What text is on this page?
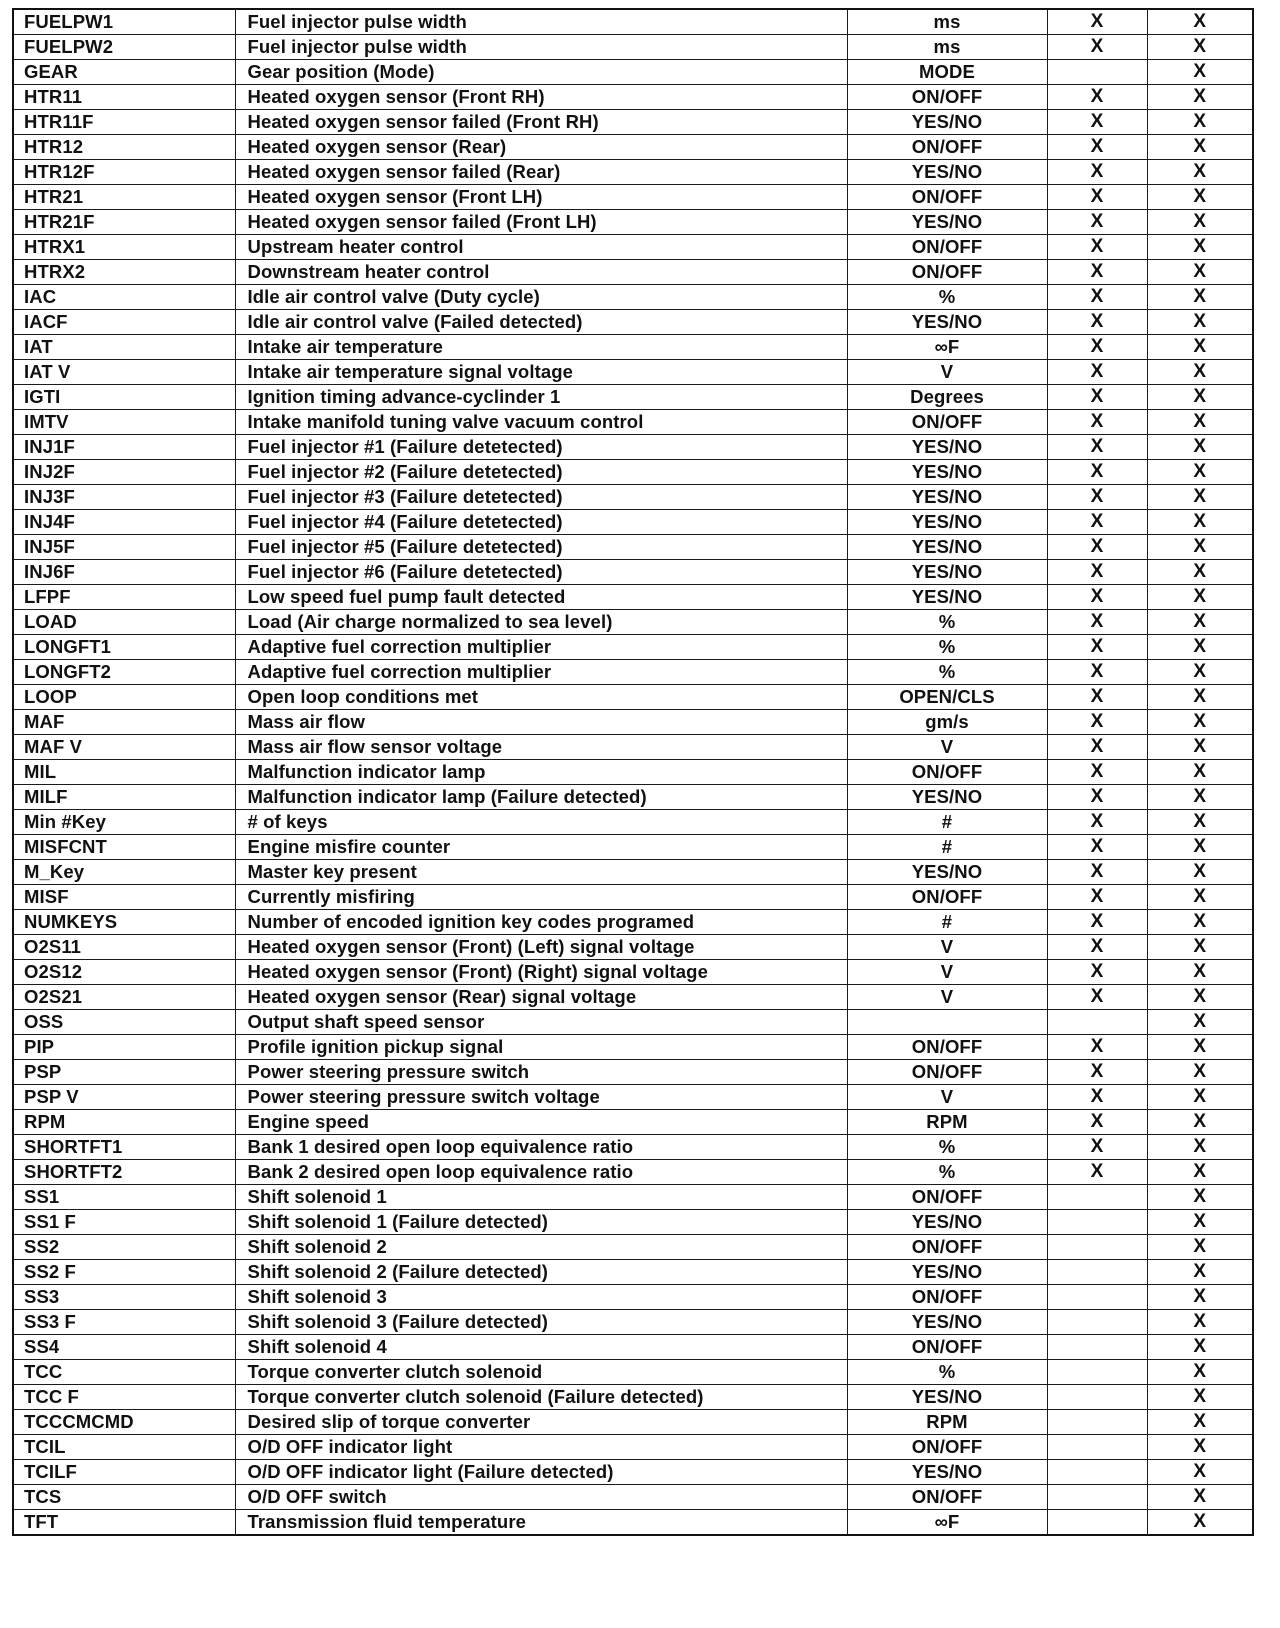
FUELPW1	Fuel injector pulse width	ms	X	X
FUELPW2	Fuel injector pulse width	ms	X	X
GEAR	Gear position (Mode)	MODE		X
HTR11	Heated oxygen sensor (Front RH)	ON/OFF	X	X
HTR11F	Heated oxygen sensor failed (Front RH)	YES/NO	X	X
HTR12	Heated oxygen sensor (Rear)	ON/OFF	X	X
HTR12F	Heated oxygen sensor failed (Rear)	YES/NO	X	X
HTR21	Heated oxygen sensor (Front LH)	ON/OFF	X	X
HTR21F	Heated oxygen sensor failed (Front LH)	YES/NO	X	X
HTRX1	Upstream heater control	ON/OFF	X	X
HTRX2	Downstream heater control	ON/OFF	X	X
IAC	Idle air control valve (Duty cycle)	%	X	X
IACF	Idle air control valve (Failed detected)	YES/NO	X	X
IAT	Intake air temperature	∞F	X	X
IAT V	Intake air temperature signal voltage	V	X	X
IGTI	Ignition timing advance-cyclinder 1	Degrees	X	X
IMTV	Intake manifold tuning valve vacuum control	ON/OFF	X	X
INJ1F	Fuel injector #1 (Failure detetected)	YES/NO	X	X
INJ2F	Fuel injector #2 (Failure detetected)	YES/NO	X	X
INJ3F	Fuel injector #3 (Failure detetected)	YES/NO	X	X
INJ4F	Fuel injector #4 (Failure detetected)	YES/NO	X	X
INJ5F	Fuel injector #5 (Failure detetected)	YES/NO	X	X
INJ6F	Fuel injector #6 (Failure detetected)	YES/NO	X	X
LFPF	Low speed fuel pump fault detected	YES/NO	X	X
LOAD	Load (Air charge normalized to sea level)	%	X	X
LONGFT1	Adaptive fuel correction multiplier	%	X	X
LONGFT2	Adaptive fuel correction multiplier	%	X	X
LOOP	Open loop conditions met	OPEN/CLS	X	X
MAF	Mass air flow	gm/s	X	X
MAF V	Mass air flow sensor voltage	V	X	X
MIL	Malfunction indicator lamp	ON/OFF	X	X
MILF	Malfunction indicator lamp (Failure detected)	YES/NO	X	X
Min #Key	# of keys	#	X	X
MISFCNT	Engine misfire counter	#	X	X
M_Key	Master key present	YES/NO	X	X
MISF	Currently misfiring	ON/OFF	X	X
NUMKEYS	Number of encoded ignition key codes programed	#	X	X
O2S11	Heated oxygen sensor (Front) (Left) signal voltage	V	X	X
O2S12	Heated oxygen sensor (Front) (Right) signal voltage	V	X	X
O2S21	Heated oxygen sensor (Rear) signal voltage	V	X	X
OSS	Output shaft speed sensor			X
PIP	Profile ignition pickup signal	ON/OFF	X	X
PSP	Power steering pressure switch	ON/OFF	X	X
PSP V	Power steering pressure switch voltage	V	X	X
RPM	Engine speed	RPM	X	X
SHORTFT1	Bank 1 desired open loop equivalence ratio	%	X	X
SHORTFT2	Bank 2 desired open loop equivalence ratio	%	X	X
SS1	Shift solenoid 1	ON/OFF		X
SS1 F	Shift solenoid 1 (Failure detected)	YES/NO		X
SS2	Shift solenoid 2	ON/OFF		X
SS2 F	Shift solenoid 2 (Failure detected)	YES/NO		X
SS3	Shift solenoid 3	ON/OFF		X
SS3 F	Shift solenoid 3 (Failure detected)	YES/NO		X
SS4	Shift solenoid 4	ON/OFF		X
TCC	Torque converter clutch solenoid	%		X
TCC F	Torque converter clutch solenoid (Failure detected)	YES/NO		X
TCCCMCMD	Desired slip of torque converter	RPM		X
TCIL	O/D OFF indicator light	ON/OFF		X
TCILF	O/D OFF indicator light (Failure detected)	YES/NO		X
TCS	O/D OFF switch	ON/OFF		X
TFT	Transmission fluid temperature	∞F		X
